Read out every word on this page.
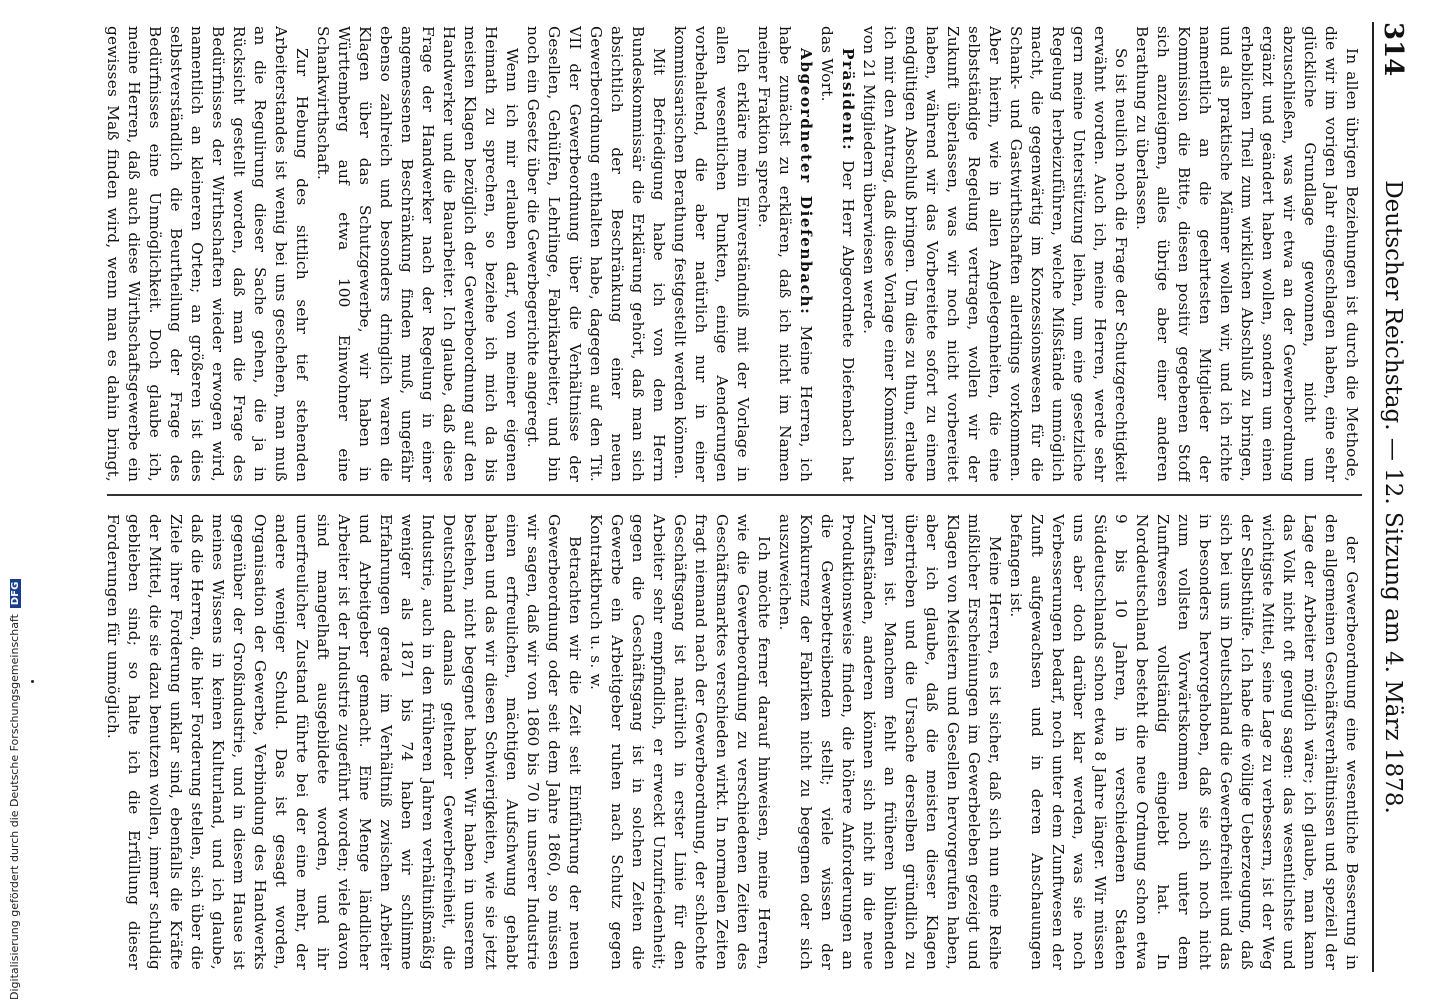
314
Deutscher Reichstag. — 12. Sitzung am 4. März 1878.

In allen übrigen Beziehungen ist durch die Methode, die wir im vorigen Jahr eingeschlagen haben, eine sehr glückliche Grundlage gewonnen, nicht um abzuschließen, was wir etwa an der Gewerbeordnung ergänzt und geändert haben wollen, sondern um einen erheblichen Theil zum wirklichen Abschluß zu bringen, und als praktische Männer wollen wir, und ich richte namentlich an die geehrtesten Mitglieder der Kommission die Bitte, diesen positiv gegebenen Stoff sich anzueignen, alles übrige aber einer anderen Berathung zu überlassen.

So ist neulich noch die Frage der Schutzgerechtigkeit erwähnt worden. Auch ich, meine Herren, werde sehr gern meine Unterstützung leihen, um eine gesetzliche Regelung herbeizuführen, welche Mißstände unmöglich macht, die gegenwärtig im Konzessionswesen für die Schank- und Gastwirthschaften allerdings vorkommen. Aber hierin, wie in allen Angelegenheiten, die eine selbstständige Regelung vertragen, wollen wir der Zukunft überlassen, was wir noch nicht vorbereitet haben, während wir das Vorbereitete sofort zu einem endgültigen Abschluß bringen. Um dies zu thun, erlaube ich mir den Antrag, daß diese Vorlage einer Kommission von 21 Mitgliedern überwiesen werde.

Präsident: Der Herr Abgeordnete Diefenbach hat das Wort.

Abgeordneter Diefenbach: Meine Herren, ich habe zunächst zu erklären, daß ich nicht im Namen meiner Fraktion spreche.

Ich erkläre mein Einverständniß mit der Vorlage in allen wesentlichen Punkten, einige Aenderungen vorbehaltend, die aber natürlich nur in einer kommissarischen Berathung festgestellt werden können.

Mit Befriedigung habe ich von dem Herrn Bundeskommissär die Erklärung gehört, daß man sich absichtlich der Beschränkung einer neuen Gewerbeordnung enthalten habe, dagegen auf den Tit. VII der Gewerbeordnung über die Verhältnisse der Gesellen, Gehülfen, Lehrlinge, Fabrikarbeiter, und bin noch ein Gesetz über die Gewerbegerichte angeregt.

Wenn ich mir erlauben darf, von meiner eigenen Heimath zu sprechen, so beziehe ich mich da bis meisten Klagen bezüglich der Gewerbeordnung auf den Handwerker und die Bauarbeiter. Ich glaube, daß diese Frage der Handwerker nach der Regelung in einer angemessenen Beschränkung finden muß, ungefähr ebenso zahlreich und besonders dringlich waren die Klagen über das Schutzgewerbe, wir haben in Württemberg auf etwa 100 Einwohner eine Schankwirthschaft.

Zur Hebung des sittlich sehr tief stehenden Arbeiterstandes ist wenig bei uns geschehen, man muß an die Regulirung dieser Sache gehen, die ja in Rücksicht gestellt worden, daß man die Frage des Bedürfnisses der Wirthschaften wieder erwogen wird, namentlich an kleineren Orten; an größeren ist dies selbstverständlich die Beurtheilung der Frage des Bedürfnisses eine Unmöglichkeit. Doch glaube ich, meine Herren, daß auch diese Wirthschaftsgewerbe ein gewisses Maß finden wird, wenn man es dahin bringt,

der Gewerbeordnung eine wesentliche Besserung in den allgemeinen Geschäftsverhältnissen und speziell der Lage der Arbeiter möglich wäre; ich glaube, man kann das Volk nicht oft genug sagen: das wesentlichste und wichtigste Mittel, seine Lage zu verbessern, ist der Weg der Selbsthülfe. Ich habe die völlige Ueberzeugung, daß sich bei uns in Deutschland die Gewerbefreiheit und das in besonders hervorgehoben, daß sie sich noch nicht zum vollsten Vorwärtskommen noch unter dem Zunftwesen vollständig eingelebt hat. In Norddeutschland besteht die neue Ordnung schon etwa 9 bis 10 Jahren, in verschiedenen Staaten Süddeutschlands schon etwa 8 Jahre länger. Wir müssen uns aber doch darüber klar werden, was sie noch Verbesserungen bedarf, noch unter dem Zunftwesen der Zunft aufgewachsen und in deren Anschauungen befangen ist.

Meine Herren, es ist sicher, daß sich nun eine Reihe mißlicher Erscheinungen im Gewerbeleben gezeigt und Klagen von Meistern und Gesellen hervorgerufen haben, aber ich glaube, daß die meisten dieser Klagen übertrieben und die Ursache derselben gründlich zu prüfen ist. Manchem fehlt an früheren blühenden Zunftständen, anderen können sich nicht in die neue Produktionsweise finden, die höhere Anforderungen an die Gewerbetreibenden stellt; viele wissen der Konkurrenz der Fabriken nicht zu begegnen oder sich auszuweichen.

Ich möchte ferner darauf hinweisen, meine Herren, wie die Gewerbeordnung zu verschiedenen Zeiten des Geschäftsmarktes verschieden wirkt. In normalen Zeiten fragt niemand nach der Gewerbeordnung, der schlechte Geschäftsgang ist natürlich in erster Linie für den Arbeiter sehr empfindlich, er erweckt Unzufriedenheit; gegen die Geschäftsgang ist in solchen Zeiten die Gewerbe ein Arbeitgeber ruhen nach Schutz gegen Kontraktbruch u. s. w.

Betrachten wir die Zeit seit Einführung der neuen Gewerbeordnung oder seit dem Jahre 1860, so müssen wir sagen, daß wir von 1860 bis 70 in unserer Industrie einen erfreulichen, mächtigen Aufschwung gehabt haben und das wir diesen Schwierigkeiten, wie sie jetzt bestehen, nicht begegnet haben. Wir haben in unserem Deutschland damals geltender Gewerbefreiheit, die Industrie, auch in den früheren Jahren verhältnißmäßig weniger als 1871 bis 74 haben wir schlimme Erfahrungen gerade im Verhältniß zwischen Arbeiter und Arbeitgeber gemacht. Eine Menge ländlicher Arbeiter ist der Industrie zugeführt worden; viele davon sind mangelhaft ausgebildete worden, und ihr unerfreulicher Zustand führte bei der eine mehr, der andere weniger Schuld. Das ist gesagt worden, Organisation der Gewerbe, Verbindung des Handwerks gegenüber der Großindustrie, und in diesem Hause ist meines Wissens in keinen Kulturland, und ich glaube, daß die Herren, die hier Forderung stellen, sich über die Ziele ihrer Forderung unklar sind, ebenfalls die Kräfte der Mittel, die sie dazu benutzen wollen, immer schuldig geblieben sind; so halte ich die Erfüllung dieser Forderungen für unmöglich.

Digitalisierung gefördert durch die Deutsche ForschungsgemeinschaftDFG
